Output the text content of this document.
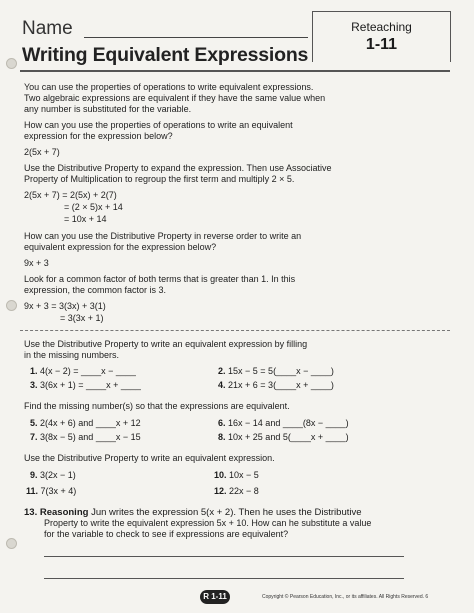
Name	Reteaching
1-11
Writing Equivalent Expressions
You can use the properties of operations to write equivalent expressions.
Two algebraic expressions are equivalent if they have the same value when
any number is substituted for the variable.
How can you use the properties of operations to write an equivalent
expression for the expression below?
2(5x + 7)
Use the Distributive Property to expand the expression. Then use Associative
Property of Multiplication to regroup the first term and multiply 2 × 5.
2(5x + 7) = 2(5x) + 2(7)
= (2 × 5)x + 14
= 10x + 14
How can you use the Distributive Property in reverse order to write an
equivalent expression for the expression below?
9x + 3
Look for a common factor of both terms that is greater than 1. In this
expression, the common factor is 3.
9x + 3 = 3(3x) + 3(1)
= 3(3x + 1)
Use the Distributive Property to write an equivalent expression by filling
in the missing numbers.
1. 4(x − 2) = ____x − ____	2. 15x − 5 = 5(____x − ____)
3. 3(6x + 1) = ____x + ____	4. 21x + 6 = 3(____x + ____)
Find the missing number(s) so that the expressions are equivalent.
5. 2(4x + 6) and ____x + 12	6. 16x − 14 and ____(8x − ____)
7. 3(8x − 5) and ____x − 15	8. 10x + 25 and 5(____x + ____)
Use the Distributive Property to write an equivalent expression.
9. 3(2x − 1)	10. 10x − 5
11. 7(3x + 4)	12. 22x − 8
13. Reasoning Jun writes the expression 5(x + 2). Then he uses the Distributive
Property to write the equivalent expression 5x + 10. How can he substitute a value
for the variable to check to see if expressions are equivalent?
R 1-11	Copyright © Pearson Education, Inc., or its affiliates. All Rights Reserved. 6
